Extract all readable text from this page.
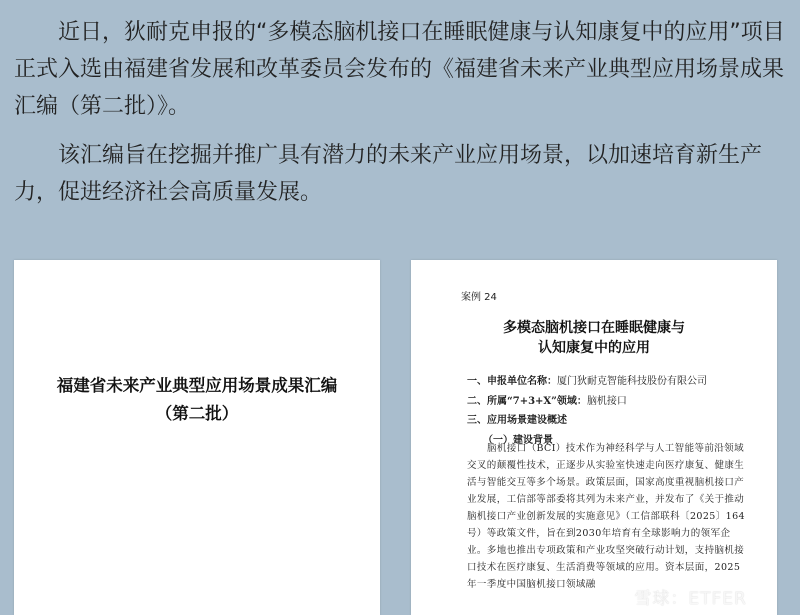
近日，狄耐克申报的“多模态脑机接口在睡眠健康与认知康复中的应用”项目正式入选由福建省发展和改革委员会发布的《福建省未来产业典型应用场景成果汇编（第二批）》。

该汇编旨在挖掘并推广具有潜力的未来产业应用场景，以加速培育新生产力，促进经济社会高质量发展。

福建省未来产业典型应用场景成果汇编
（第二批）
案例 24
多模态脑机接口在睡眠健康与
认知康复中的应用
一、申报单位名称：厦门狄耐克智能科技股份有限公司
二、所属“7+3+X”领域：脑机接口
三、应用场景建设概述
（一）建设背景

脑机接口（BCI）技术作为神经科学与人工智能等前沿领域交叉的颠覆性技术，正逐步从实验室快速走向医疗康复、健康生活与智能交互等多个场景。政策层面，国家高度重视脑机接口产业发展，工信部等部委将其列为未来产业，并发布了《关于推动脑机接口产业创新发展的实施意见》（工信部联科〔2025〕164号）等政策文件，旨在到2030年培育有全球影响力的领军企业。多地也推出专项政策和产业攻坚突破行动计划，支持脑机接口技术在医疗康复、生活消费等领域的应用。资本层面，2025年一季度中国脑机接口领域融

雪球：ETFER
